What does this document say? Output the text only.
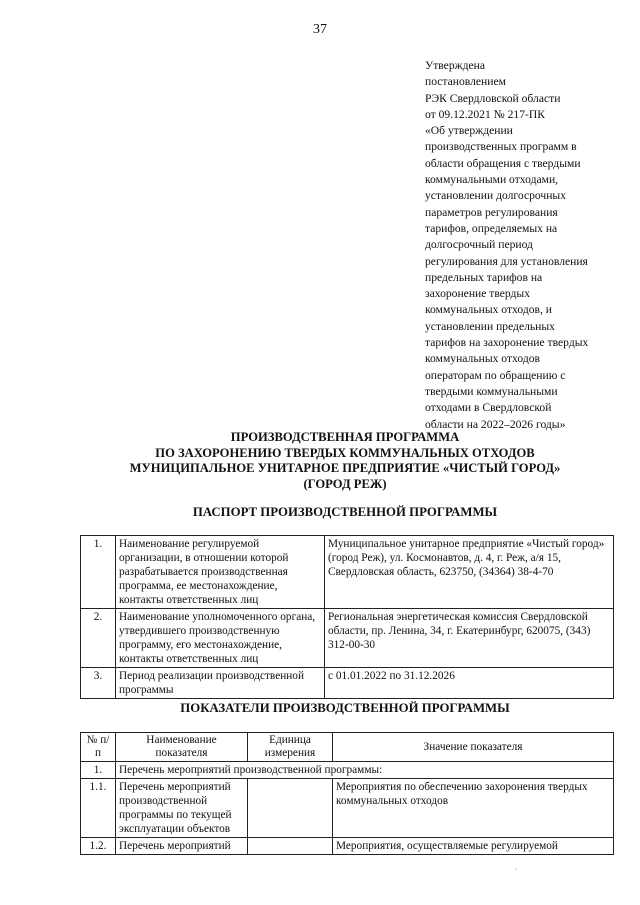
37
Утверждена
постановлением
РЭК Свердловской области
от 09.12.2021 № 217-ПК
«Об утверждении
производственных программ в
области обращения с твердыми
коммунальными отходами,
установлении долгосрочных
параметров регулирования
тарифов, определяемых на
долгосрочный период
регулирования для установления
предельных тарифов на
захоронение твердых
коммунальных отходов, и
установлении предельных
тарифов на захоронение твердых
коммунальных отходов
операторам по обращению с
твердыми коммунальными
отходами в Свердловской
области на 2022–2026 годы»
ПРОИЗВОДСТВЕННАЯ ПРОГРАММА
ПО ЗАХОРОНЕНИЮ ТВЕРДЫХ КОММУНАЛЬНЫХ ОТХОДОВ
МУНИЦИПАЛЬНОЕ УНИТАРНОЕ ПРЕДПРИЯТИЕ «ЧИСТЫЙ ГОРОД»
(ГОРОД РЕЖ)
ПАСПОРТ ПРОИЗВОДСТВЕННОЙ ПРОГРАММЫ
1.	Наименование регулируемой организации, в отношении которой разрабатывается производственная программа, ее местонахождение, контакты ответственных лиц	Муниципальное унитарное предприятие «Чистый город» (город Реж), ул. Космонавтов, д. 4, г. Реж, а/я 15, Свердловская область, 623750, (34364) 38-4-70
2.	Наименование уполномоченного органа, утвердившего производственную программу, его местонахождение, контакты ответственных лиц	Региональная энергетическая комиссия Свердловской области, пр. Ленина, 34, г. Екатеринбург, 620075, (343) 312-00-30
3.	Период реализации производственной программы	с 01.01.2022 по 31.12.2026
ПОКАЗАТЕЛИ ПРОИЗВОДСТВЕННОЙ ПРОГРАММЫ
№ п/п	Наименование показателя	Единица измерения	Значение показателя
1.	Перечень мероприятий производственной программы:		
1.1.	Перечень мероприятий производственной программы по текущей эксплуатации объектов		Мероприятия по обеспечению захоронения твердых коммунальных отходов
1.2.	Перечень мероприятий		Мероприятия, осуществляемые регулируемой
·
